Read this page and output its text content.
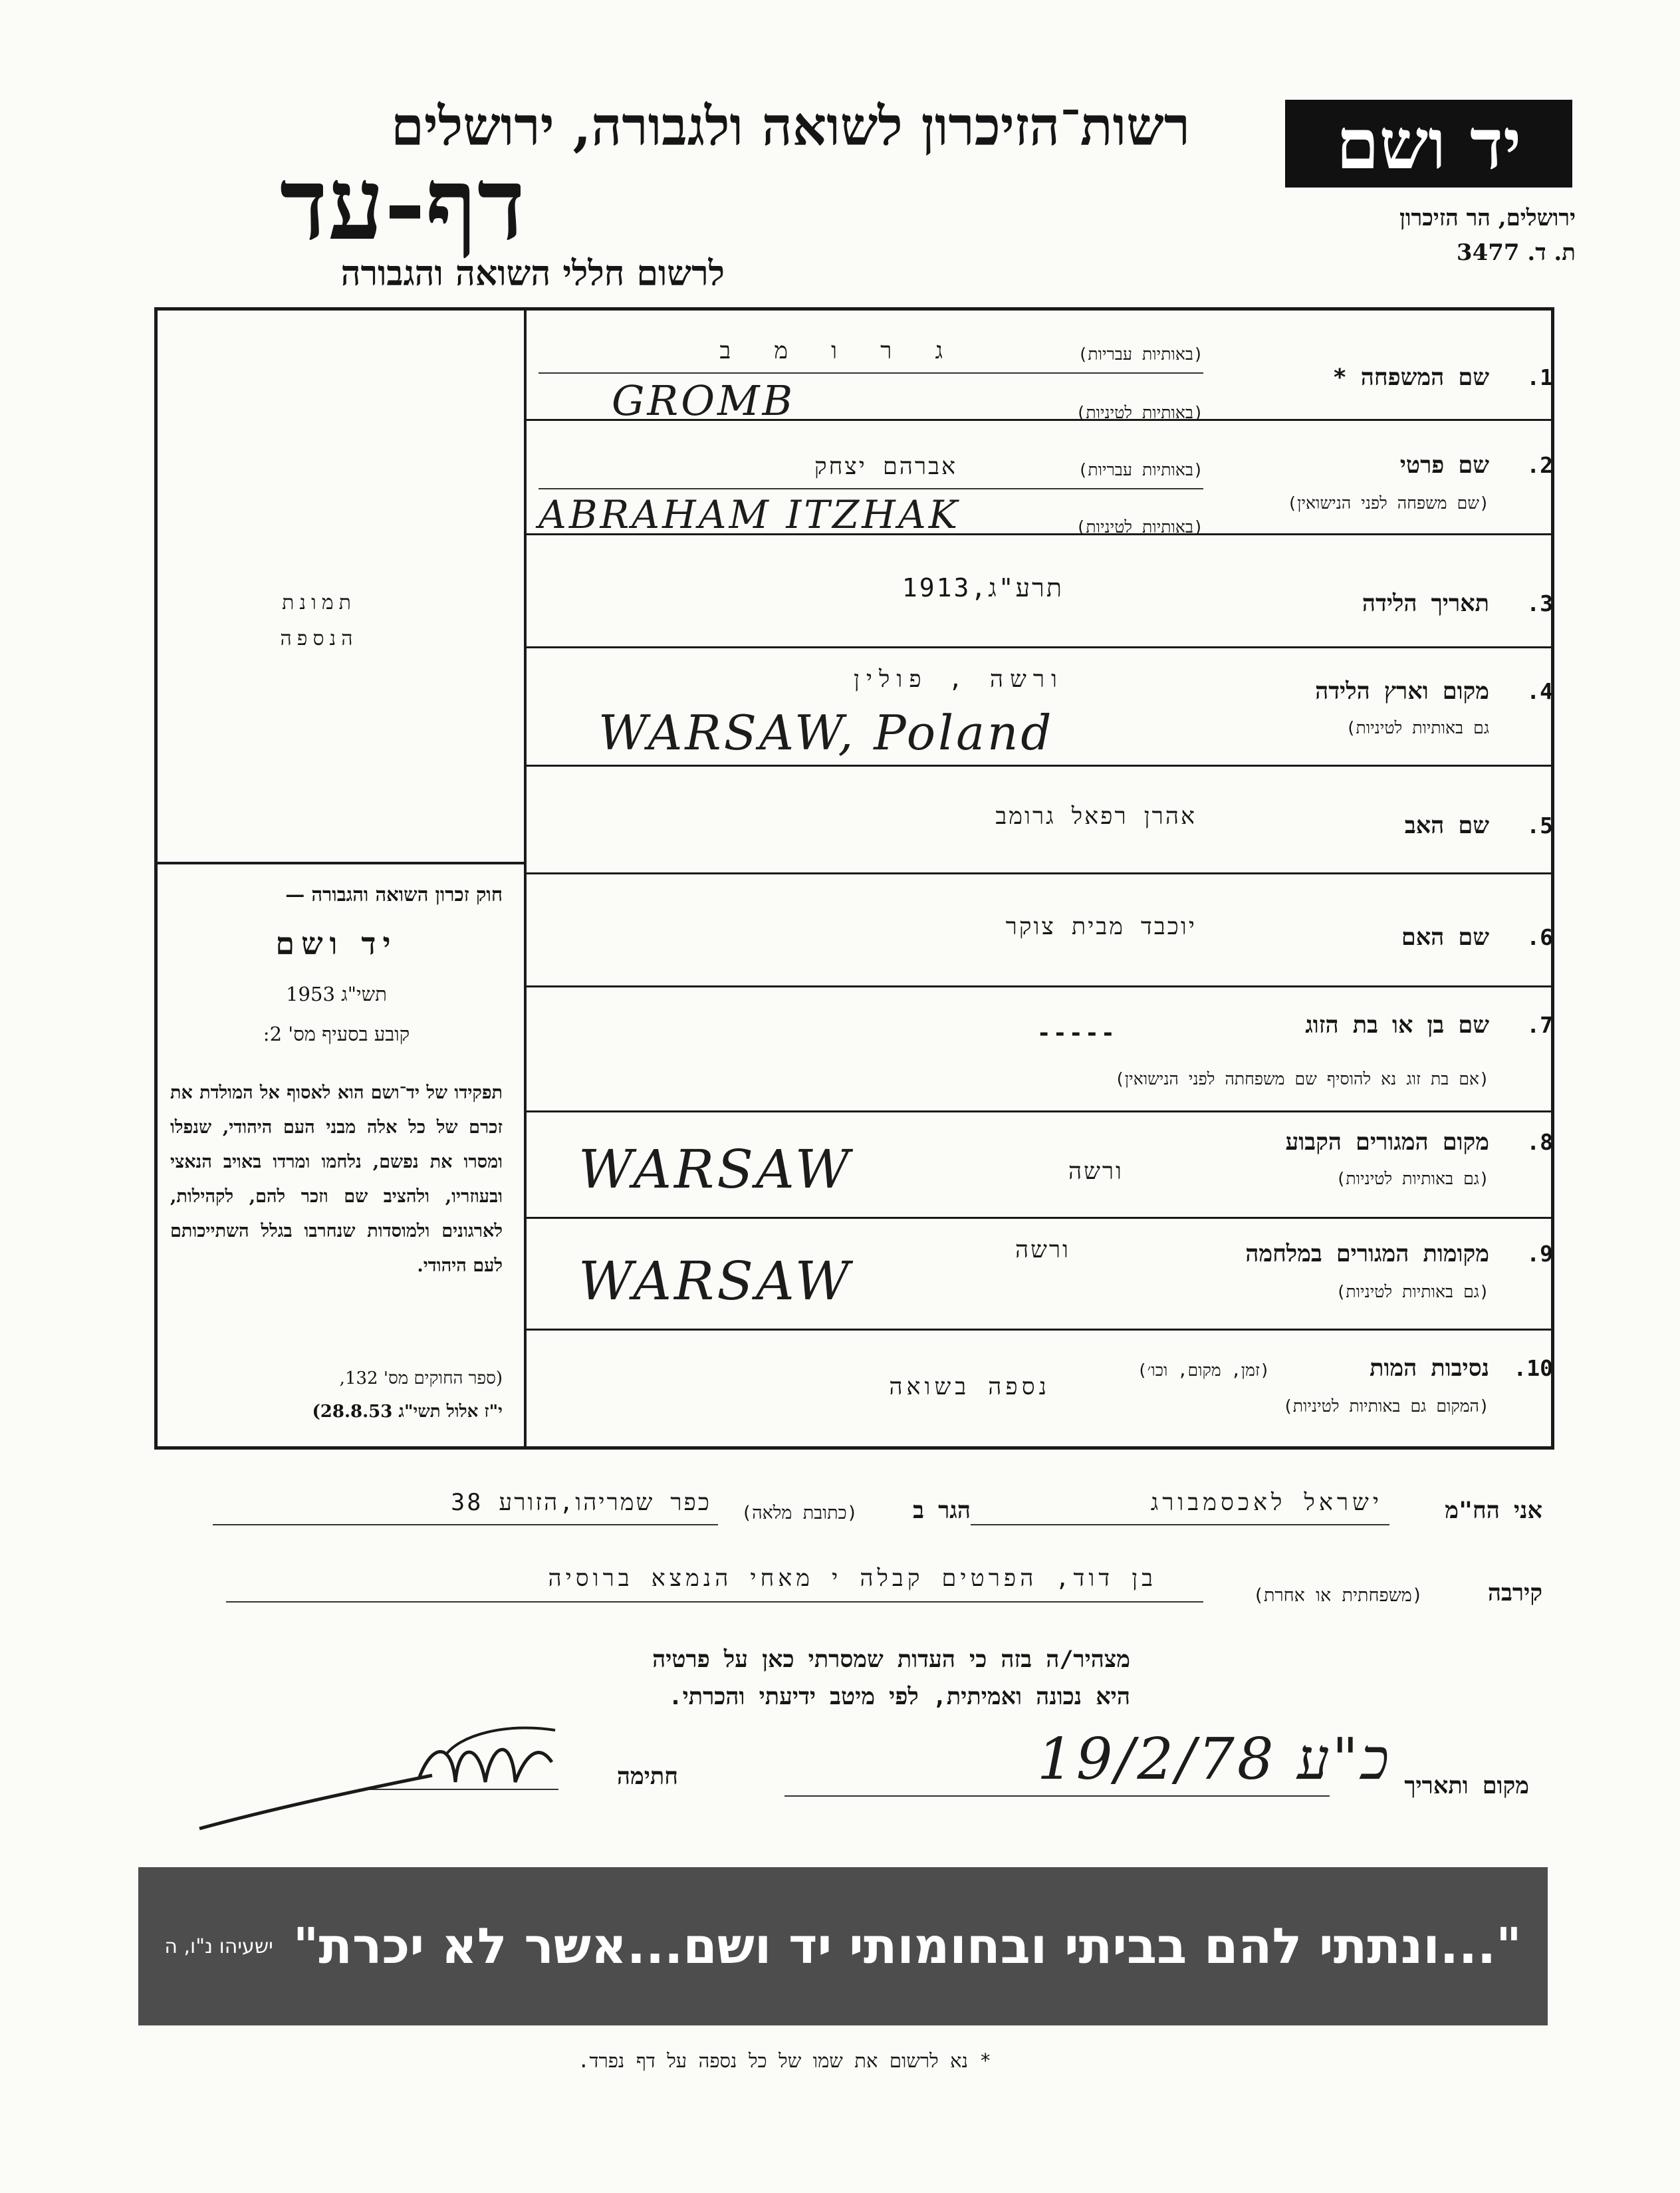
יד ושם
ירושלים, הר הזיכרון
ת. ד. 3477
רשות־הזיכרון לשואה ולגבורה, ירושלים
דף-עד
לרשום חללי השואה והגבורה
תמונת
הנספה
חוק זכרון השואה והגבורה —
יד ושם
תשי"ג 1953
קובע בסעיף מס' 2:
תפקידו של יד־ושם הוא לאסוף אל המולדת את זכרם של כל אלה מבני העם היהודי, שנפלו ומסרו את נפשם, נלחמו ומרדו באויב הנאצי ובעוזריו, ולהציב שם וזכר להם, לקהילות, לארגונים ולמוסדות שנחרבו בגלל השתייכותם לעם היהודי.
(ספר החוקים מס' 132,
י"ז אלול תשי"ג 28.8.53)
1.
שם המשפחה *
(באותיות עבריות)
ג ר ו מ ב
(באותיות לטיניות)
GROMB
2.
שם פרטי
(שם משפחה לפני הנישואין)
(באותיות עבריות)
אברהם יצחק
(באותיות לטיניות)
ABRAHAM ITZHAK
3.
תאריך הלידה
תרע"ג,1913
4.
מקום וארץ הלידה
גם באותיות לטיניות)
ורשה , פולין
WARSAW, Poland
5.
שם האב
אהרן רפאל גרומב
6.
שם האם
יוכבד מבית צוקר
7.
שם בן או בת הזוג
(אם בת זוג נא להוסיף שם משפחתה לפני הנישואין)
-----
8.
מקום המגורים הקבוע
(גם באותיות לטיניות)
ורשה
WARSAW
9.
מקומות המגורים במלחמה
(גם באותיות לטיניות)
ורשה
WARSAW
10.
נסיבות המות
(זמן, מקום, וכו׳)
(המקום גם באותיות לטיניות)
נספה בשואה
אני הח"מ
ישראל לאכסמבורג
הגר ב
(כתובת מלאה)
כפר שמריהו,הזורע 38
קירבה
(משפחתית או אחרת)
בן דוד, הפרטים קבלה י מאחי הנמצא ברוסיה
מצהיר/ה בזה כי העדות שמסרתי כאן על פרטיה
היא נכונה ואמיתית, לפי מיטב ידיעתי והכרתי.
מקום ותאריך
19/2/78 כ"ע
חתימה
"...ונתתי להם בביתי ובחומותי יד ושם...אשר לא יכרת"
ישעיהו נ"ו, ה
* נא לרשום את שמו של כל נספה על דף נפרד.
